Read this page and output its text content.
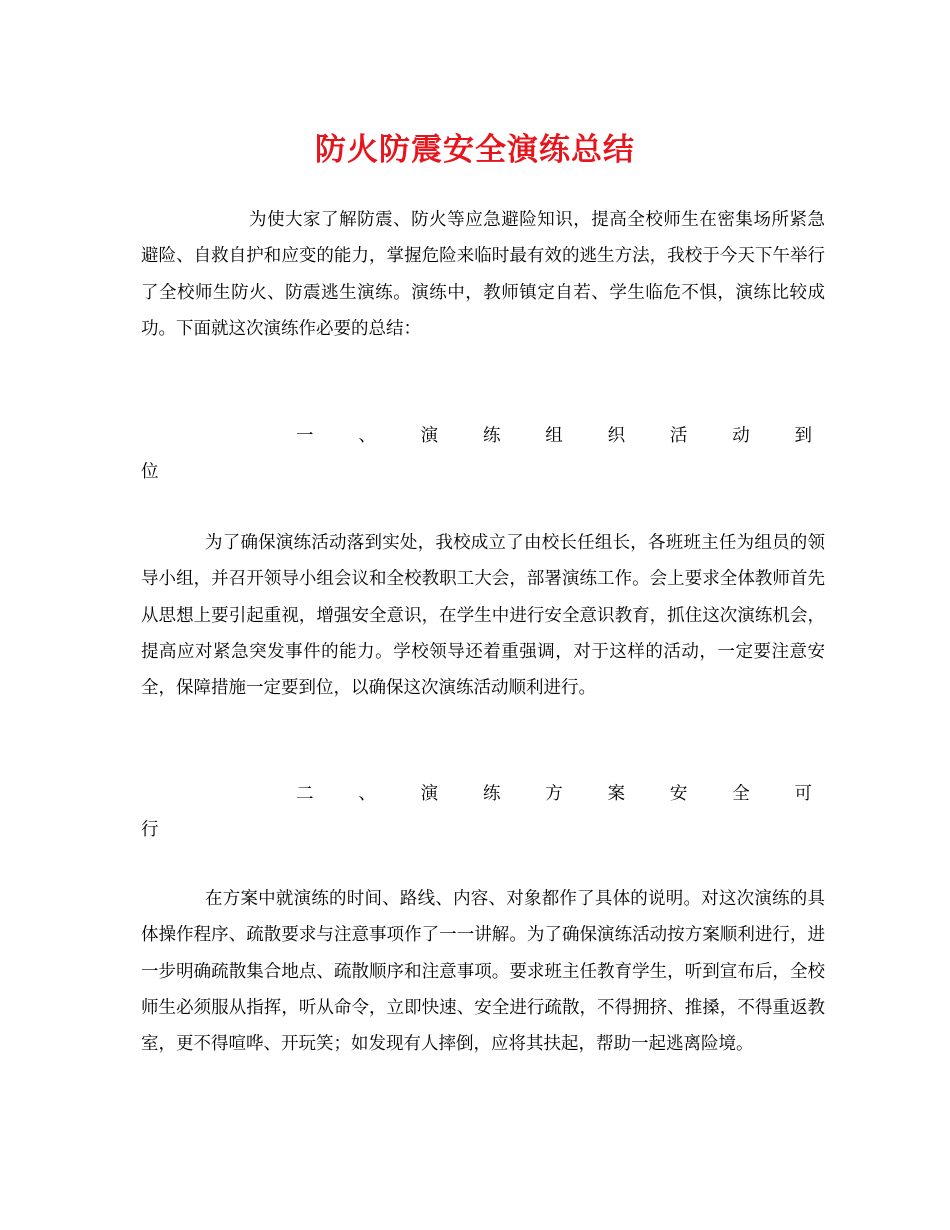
防火防震安全演练总结

为使大家了解防震、防火等应急避险知识，提高全校师生在密集场所紧急避险、自救自护和应变的能力，掌握危险来临时最有效的逃生方法，我校于今天下午举行了全校师生防火、防震逃生演练。演练中，教师镇定自若、学生临危不惧，演练比较成功。下面就这次演练作必要的总结：

一	、	演	练	组	织	活	动	到
位

为了确保演练活动落到实处，我校成立了由校长任组长，各班班主任为组员的领导小组，并召开领导小组会议和全校教职工大会，部署演练工作。会上要求全体教师首先从思想上要引起重视，增强安全意识，在学生中进行安全意识教育，抓住这次演练机会，提高应对紧急突发事件的能力。学校领导还着重强调，对于这样的活动，一定要注意安全，保障措施一定要到位，以确保这次演练活动顺利进行。

二	、	演	练	方	案	安	全	可
行

在方案中就演练的时间、路线、内容、对象都作了具体的说明。对这次演练的具体操作程序、疏散要求与注意事项作了一一讲解。为了确保演练活动按方案顺利进行，进一步明确疏散集合地点、疏散顺序和注意事项。要求班主任教育学生，听到宣布后，全校师生必须服从指挥，听从命令，立即快速、安全进行疏散，不得拥挤、推搡，不得重返教室，更不得喧哗、开玩笑；如发现有人摔倒，应将其扶起，帮助一起逃离险境。
